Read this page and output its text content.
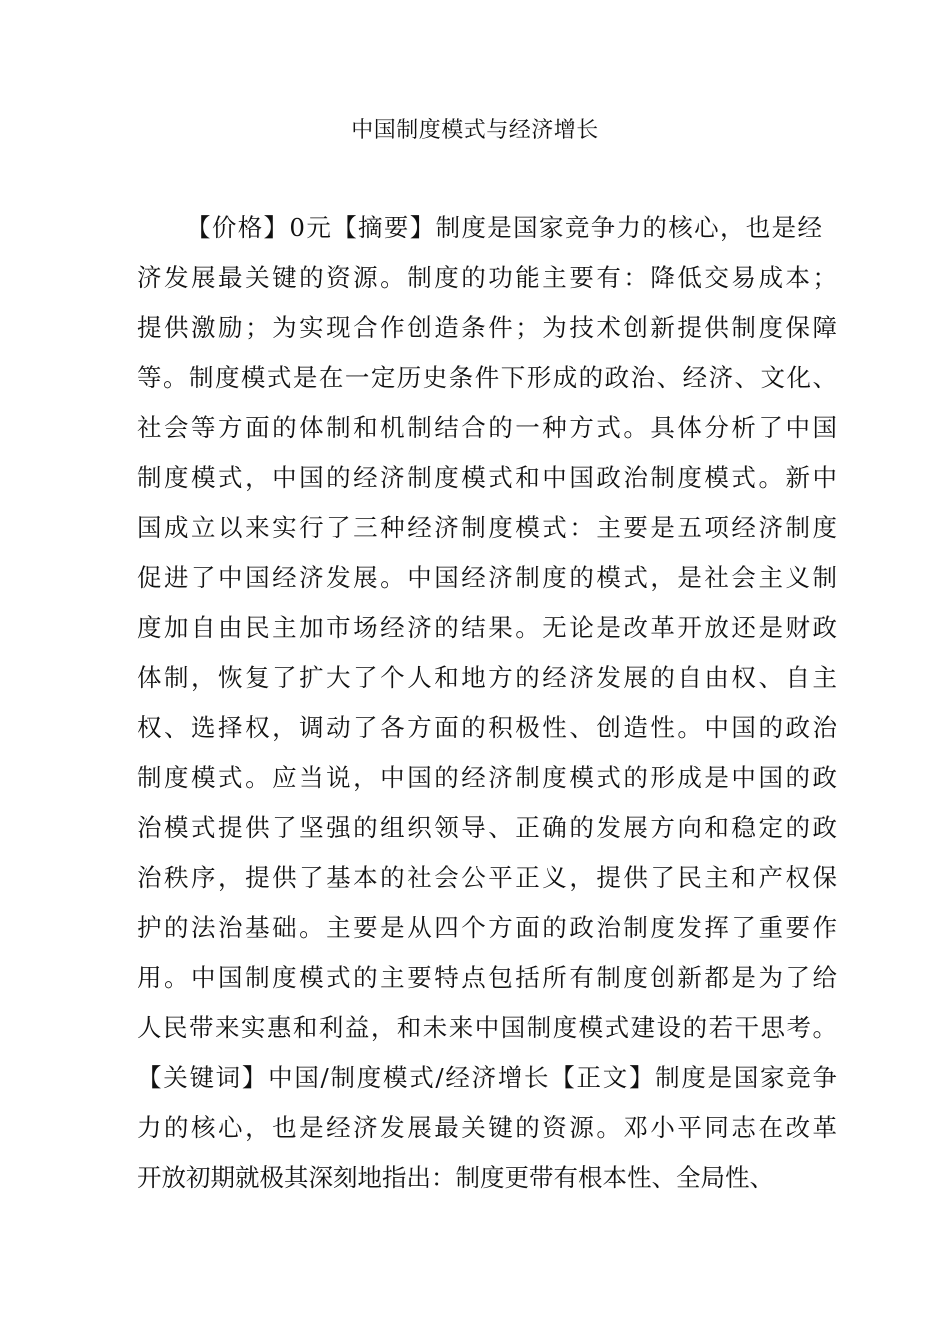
中国制度模式与经济增长
【价格】0元【摘要】制度是国家竞争力的核心，也是经
济发展最关键的资源。制度的功能主要有：降低交易成本；
提供激励；为实现合作创造条件；为技术创新提供制度保障
等。制度模式是在一定历史条件下形成的政治、经济、文化、
社会等方面的体制和机制结合的一种方式。具体分析了中国
制度模式，中国的经济制度模式和中国政治制度模式。新中
国成立以来实行了三种经济制度模式：主要是五项经济制度
促进了中国经济发展。中国经济制度的模式，是社会主义制
度加自由民主加市场经济的结果。无论是改革开放还是财政
体制，恢复了扩大了个人和地方的经济发展的自由权、自主
权、选择权，调动了各方面的积极性、创造性。中国的政治
制度模式。应当说，中国的经济制度模式的形成是中国的政
治模式提供了坚强的组织领导、正确的发展方向和稳定的政
治秩序，提供了基本的社会公平正义，提供了民主和产权保
护的法治基础。主要是从四个方面的政治制度发挥了重要作
用。中国制度模式的主要特点包括所有制度创新都是为了给
人民带来实惠和利益，和未来中国制度模式建设的若干思考。
【关键词】中国/制度模式/经济增长【正文】制度是国家竞争
力的核心，也是经济发展最关键的资源。邓小平同志在改革
开放初期就极其深刻地指出：制度更带有根本性、全局性、
